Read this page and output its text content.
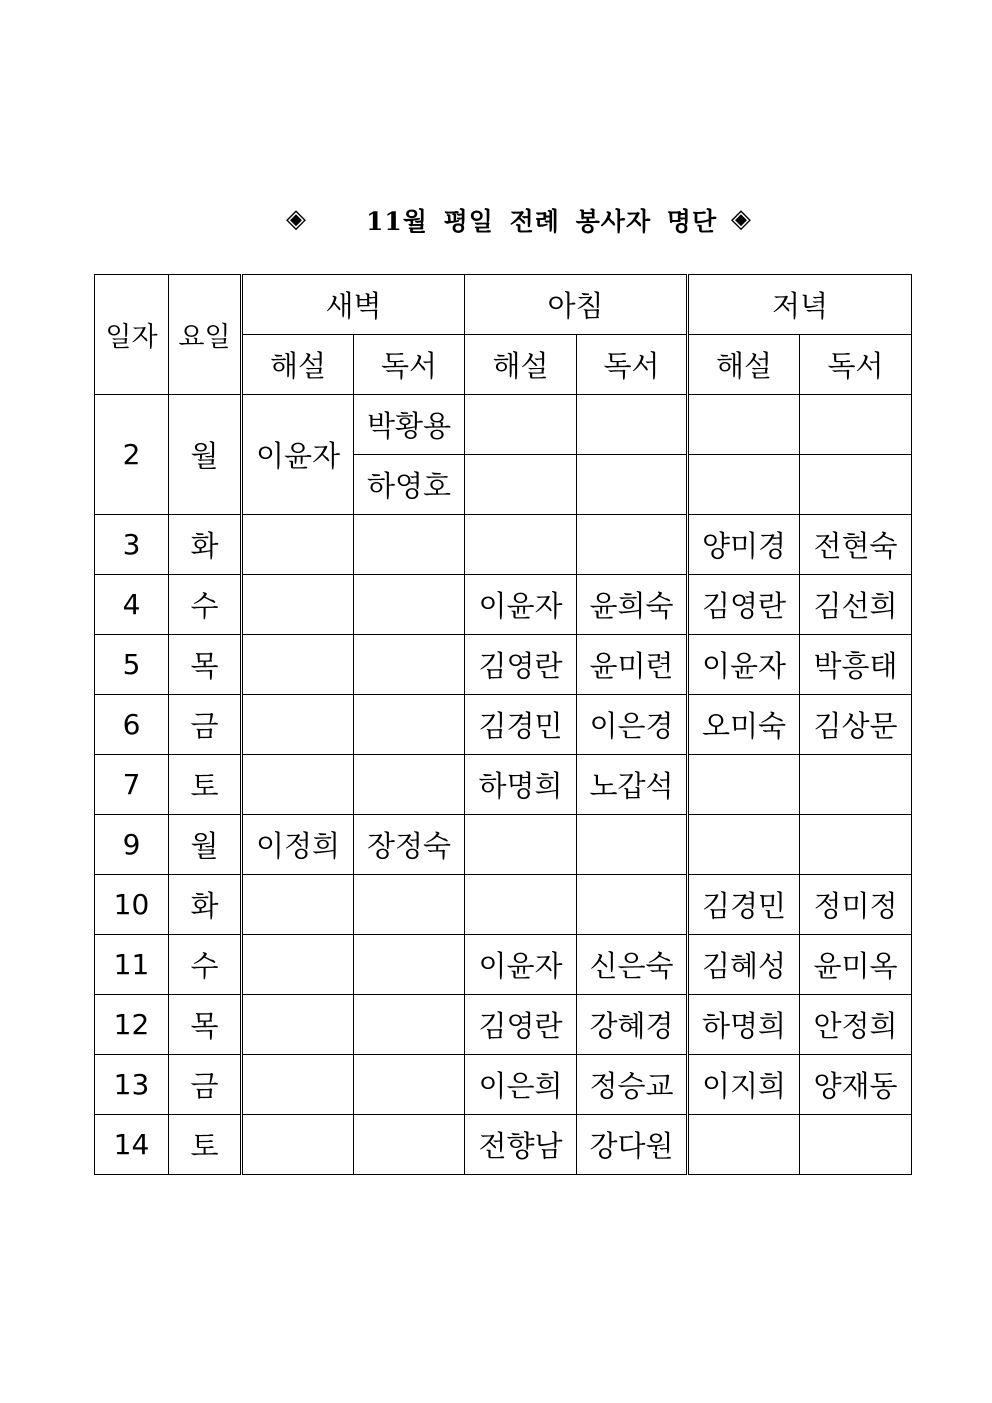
◈ 11월 평일 전례 봉사자 명단 ◈
일자	요일	새벽		아침		저녁	
		해설	독서	해설	독서	해설	독서
2	월	이윤자	박황용				
			하영호				
3	화					양미경	전현숙
4	수			이윤자	윤희숙	김영란	김선희
5	목			김영란	윤미련	이윤자	박흥태
6	금			김경민	이은경	오미숙	김상문
7	토			하명희	노갑석		
9	월	이정희	장정숙				
10	화					김경민	정미정
11	수			이윤자	신은숙	김혜성	윤미옥
12	목			김영란	강혜경	하명희	안정희
13	금			이은희	정승교	이지희	양재동
14	토			전향남	강다원		
